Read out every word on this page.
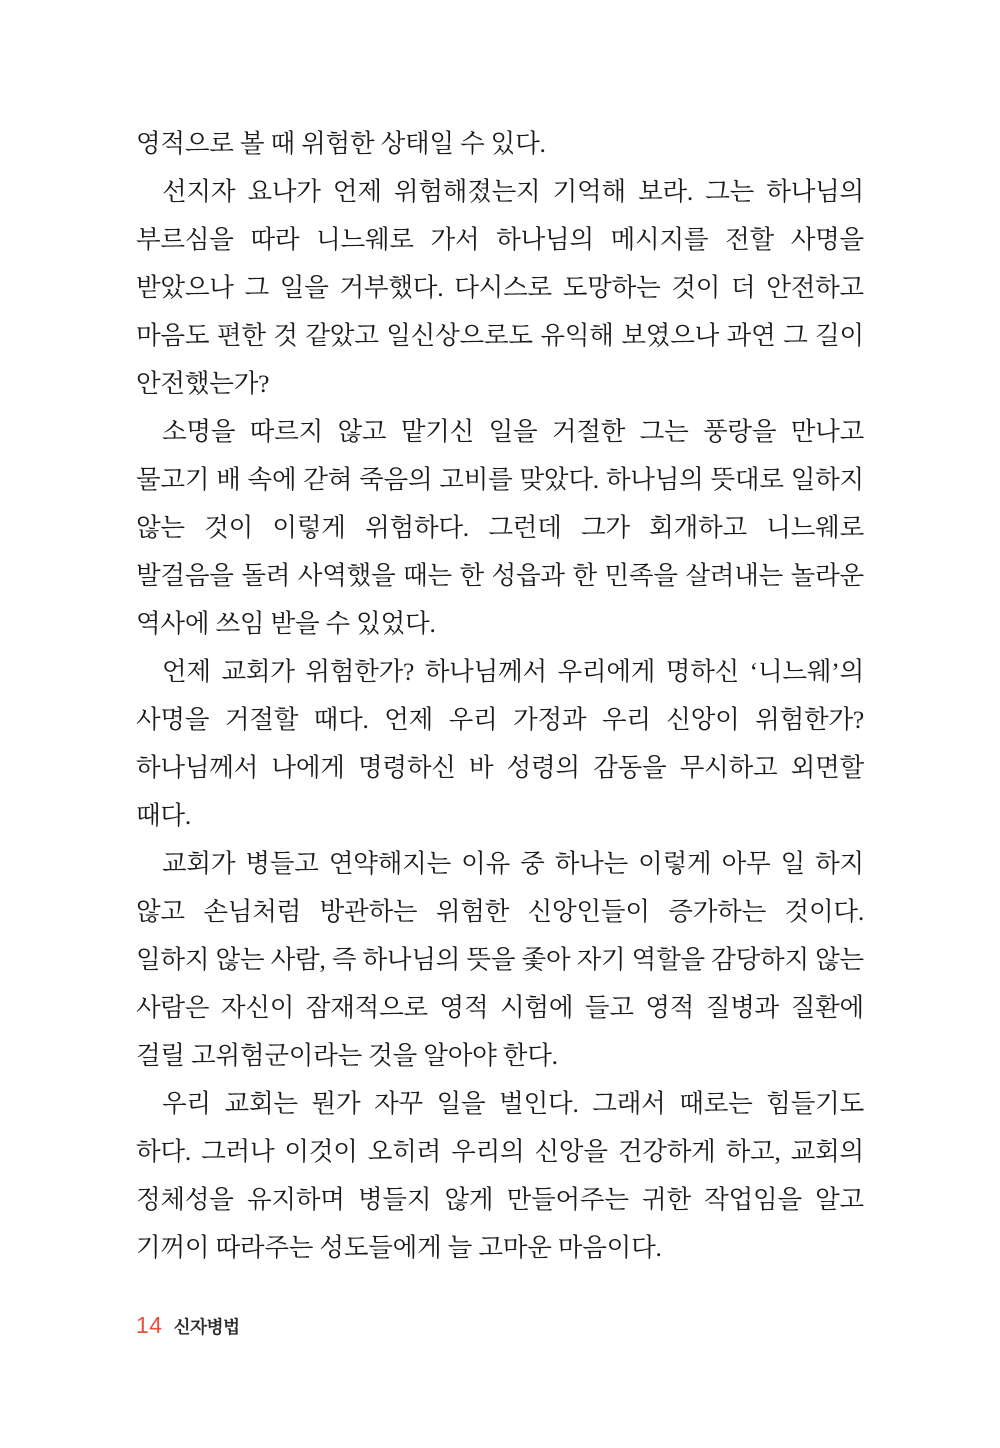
영적으로 볼 때 위험한 상태일 수 있다.

선지자 요나가 언제 위험해졌는지 기억해 보라. 그는 하나님의 부르심을 따라 니느웨로 가서 하나님의 메시지를 전할 사명을 받았으나 그 일을 거부했다. 다시스로 도망하는 것이 더 안전하고 마음도 편한 것 같았고 일신상으로도 유익해 보였으나 과연 그 길이 안전했는가?

소명을 따르지 않고 맡기신 일을 거절한 그는 풍랑을 만나고 물고기 배 속에 갇혀 죽음의 고비를 맞았다. 하나님의 뜻대로 일하지 않는 것이 이렇게 위험하다. 그런데 그가 회개하고 니느웨로 발걸음을 돌려 사역했을 때는 한 성읍과 한 민족을 살려내는 놀라운 역사에 쓰임 받을 수 있었다.

언제 교회가 위험한가? 하나님께서 우리에게 명하신 ‘니느웨’의 사명을 거절할 때다. 언제 우리 가정과 우리 신앙이 위험한가? 하나님께서 나에게 명령하신 바 성령의 감동을 무시하고 외면할 때다.

교회가 병들고 연약해지는 이유 중 하나는 이렇게 아무 일 하지 않고 손님처럼 방관하는 위험한 신앙인들이 증가하는 것이다. 일하지 않는 사람, 즉 하나님의 뜻을 좇아 자기 역할을 감당하지 않는 사람은 자신이 잠재적으로 영적 시험에 들고 영적 질병과 질환에 걸릴 고위험군이라는 것을 알아야 한다.

우리 교회는 뭔가 자꾸 일을 벌인다. 그래서 때로는 힘들기도 하다. 그러나 이것이 오히려 우리의 신앙을 건강하게 하고, 교회의 정체성을 유지하며 병들지 않게 만들어주는 귀한 작업임을 알고 기꺼이 따라주는 성도들에게 늘 고마운 마음이다.

14 신자병법
